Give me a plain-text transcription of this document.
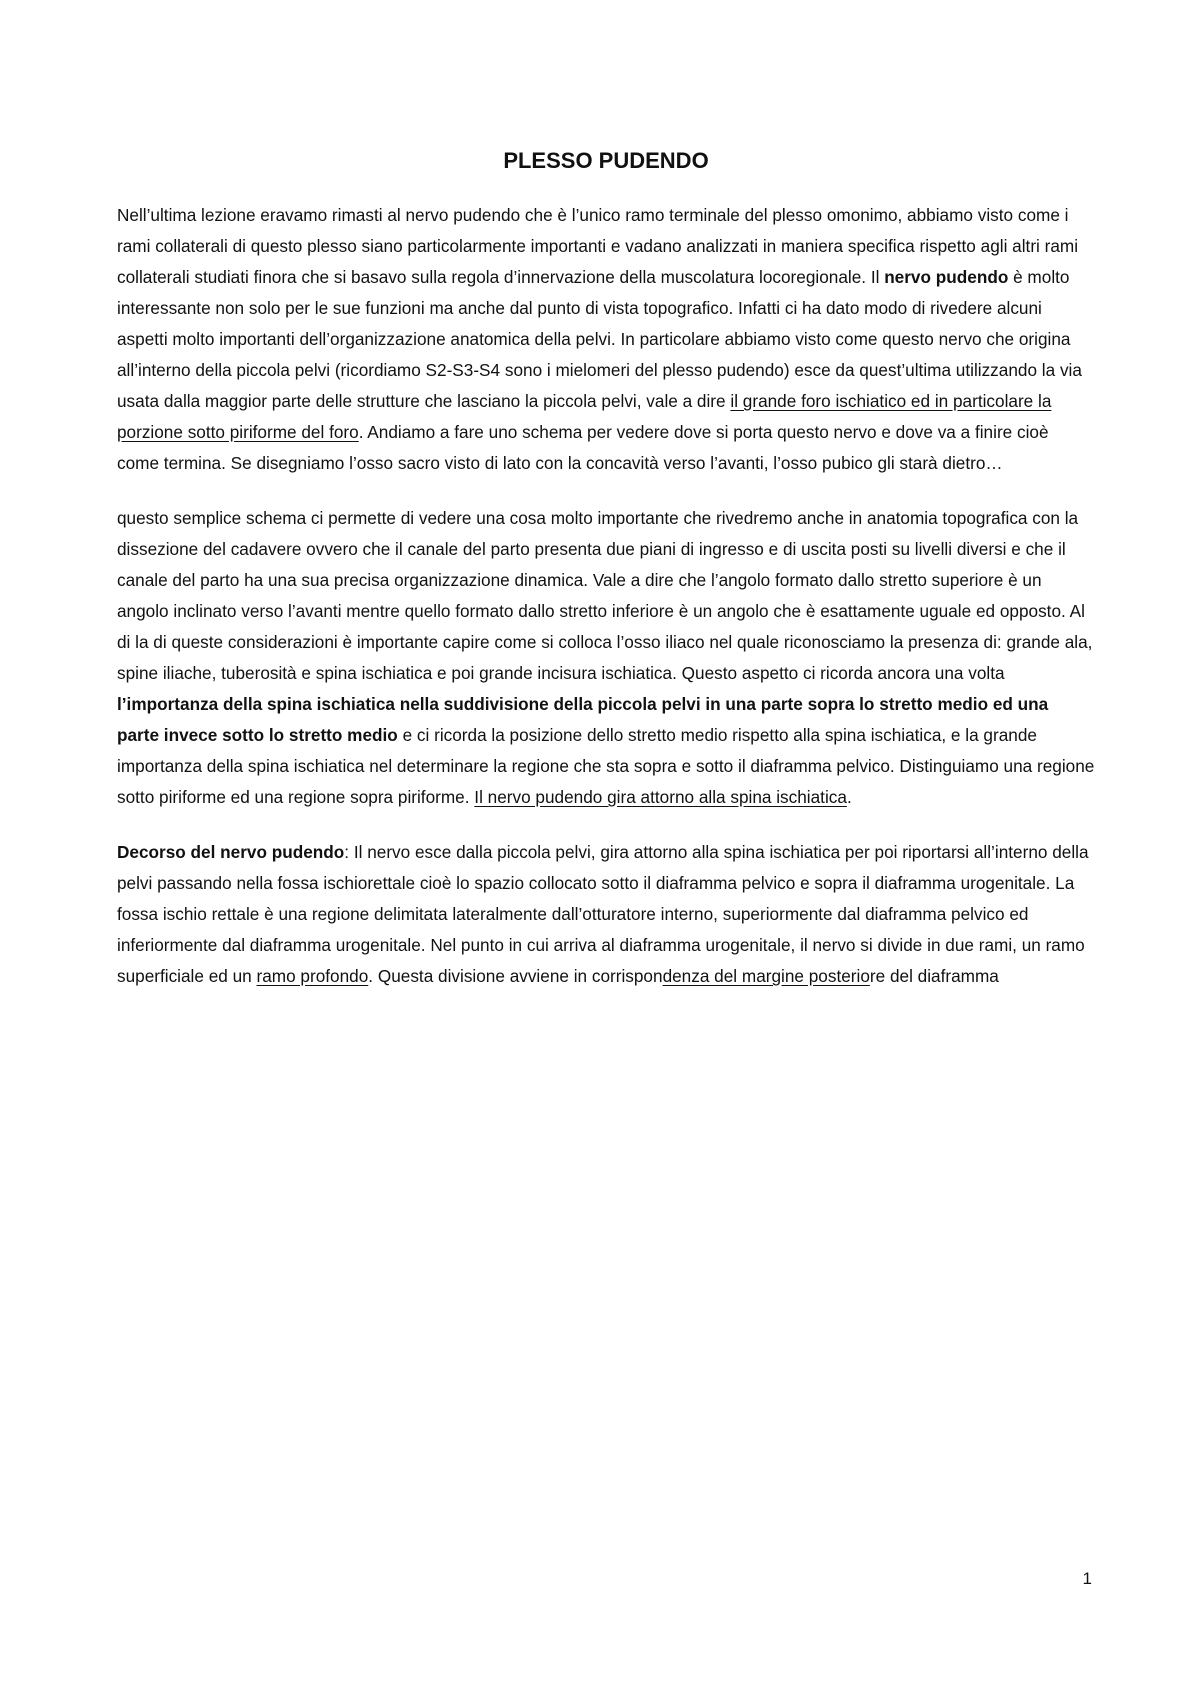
PLESSO PUDENDO

Nell’ultima lezione eravamo rimasti al nervo pudendo che è l’unico ramo terminale del plesso omonimo, abbiamo visto come i rami collaterali di questo plesso siano particolarmente importanti e vadano analizzati in maniera specifica rispetto agli altri rami collaterali studiati finora che si basavo sulla regola d’innervazione della muscolatura locoregionale. Il nervo pudendo è molto interessante non solo per le sue funzioni ma anche dal punto di vista topografico. Infatti ci ha dato modo di rivedere alcuni aspetti molto importanti dell’organizzazione anatomica della pelvi. In particolare abbiamo visto come questo nervo che origina all’interno della piccola pelvi (ricordiamo S2-S3-S4 sono i mielomeri del plesso pudendo) esce da quest’ultima utilizzando la via usata dalla maggior parte delle strutture che lasciano la piccola pelvi, vale a dire il grande foro ischiatico ed in particolare la porzione sotto piriforme del foro. Andiamo a fare uno schema per vedere dove si porta questo nervo e dove va a finire cioè come termina. Se disegniamo l’osso sacro visto di lato con la concavità verso l’avanti, l’osso pubico gli starà dietro…

questo semplice schema ci permette di vedere una cosa molto importante che rivedremo anche in anatomia topografica con la dissezione del cadavere ovvero che il canale del parto presenta due piani di ingresso e di uscita posti su livelli diversi e che il canale del parto ha una sua precisa organizzazione dinamica. Vale a dire che l’angolo formato dallo stretto superiore è un angolo inclinato verso l’avanti mentre quello formato dallo stretto inferiore è un angolo che è esattamente uguale ed opposto. Al di la di queste considerazioni è importante capire come si colloca l’osso iliaco nel quale riconosciamo la presenza di: grande ala, spine iliache, tuberosità e spina ischiatica e poi grande incisura ischiatica. Questo aspetto ci ricorda ancora una volta l’importanza della spina ischiatica nella suddivisione della piccola pelvi in una parte sopra lo stretto medio ed una parte invece sotto lo stretto medio e ci ricorda la posizione dello stretto medio rispetto alla spina ischiatica, e la grande importanza della spina ischiatica nel determinare la regione che sta sopra e sotto il diaframma pelvico. Distinguiamo una regione sotto piriforme ed una regione sopra piriforme. Il nervo pudendo gira attorno alla spina ischiatica.

Decorso del nervo pudendo: Il nervo esce dalla piccola pelvi, gira attorno alla spina ischiatica per poi riportarsi all’interno della pelvi passando nella fossa ischiorettale cioè lo spazio collocato sotto il diaframma pelvico e sopra il diaframma urogenitale. La fossa ischio rettale è una regione delimitata lateralmente dall’otturatore interno, superiormente dal diaframma pelvico ed inferiormente dal diaframma urogenitale. Nel punto in cui arriva al diaframma urogenitale, il nervo si divide in due rami, un ramo superficiale ed un ramo profondo. Questa divisione avviene in corrispondenza del margine posteriore del diaframma

1
